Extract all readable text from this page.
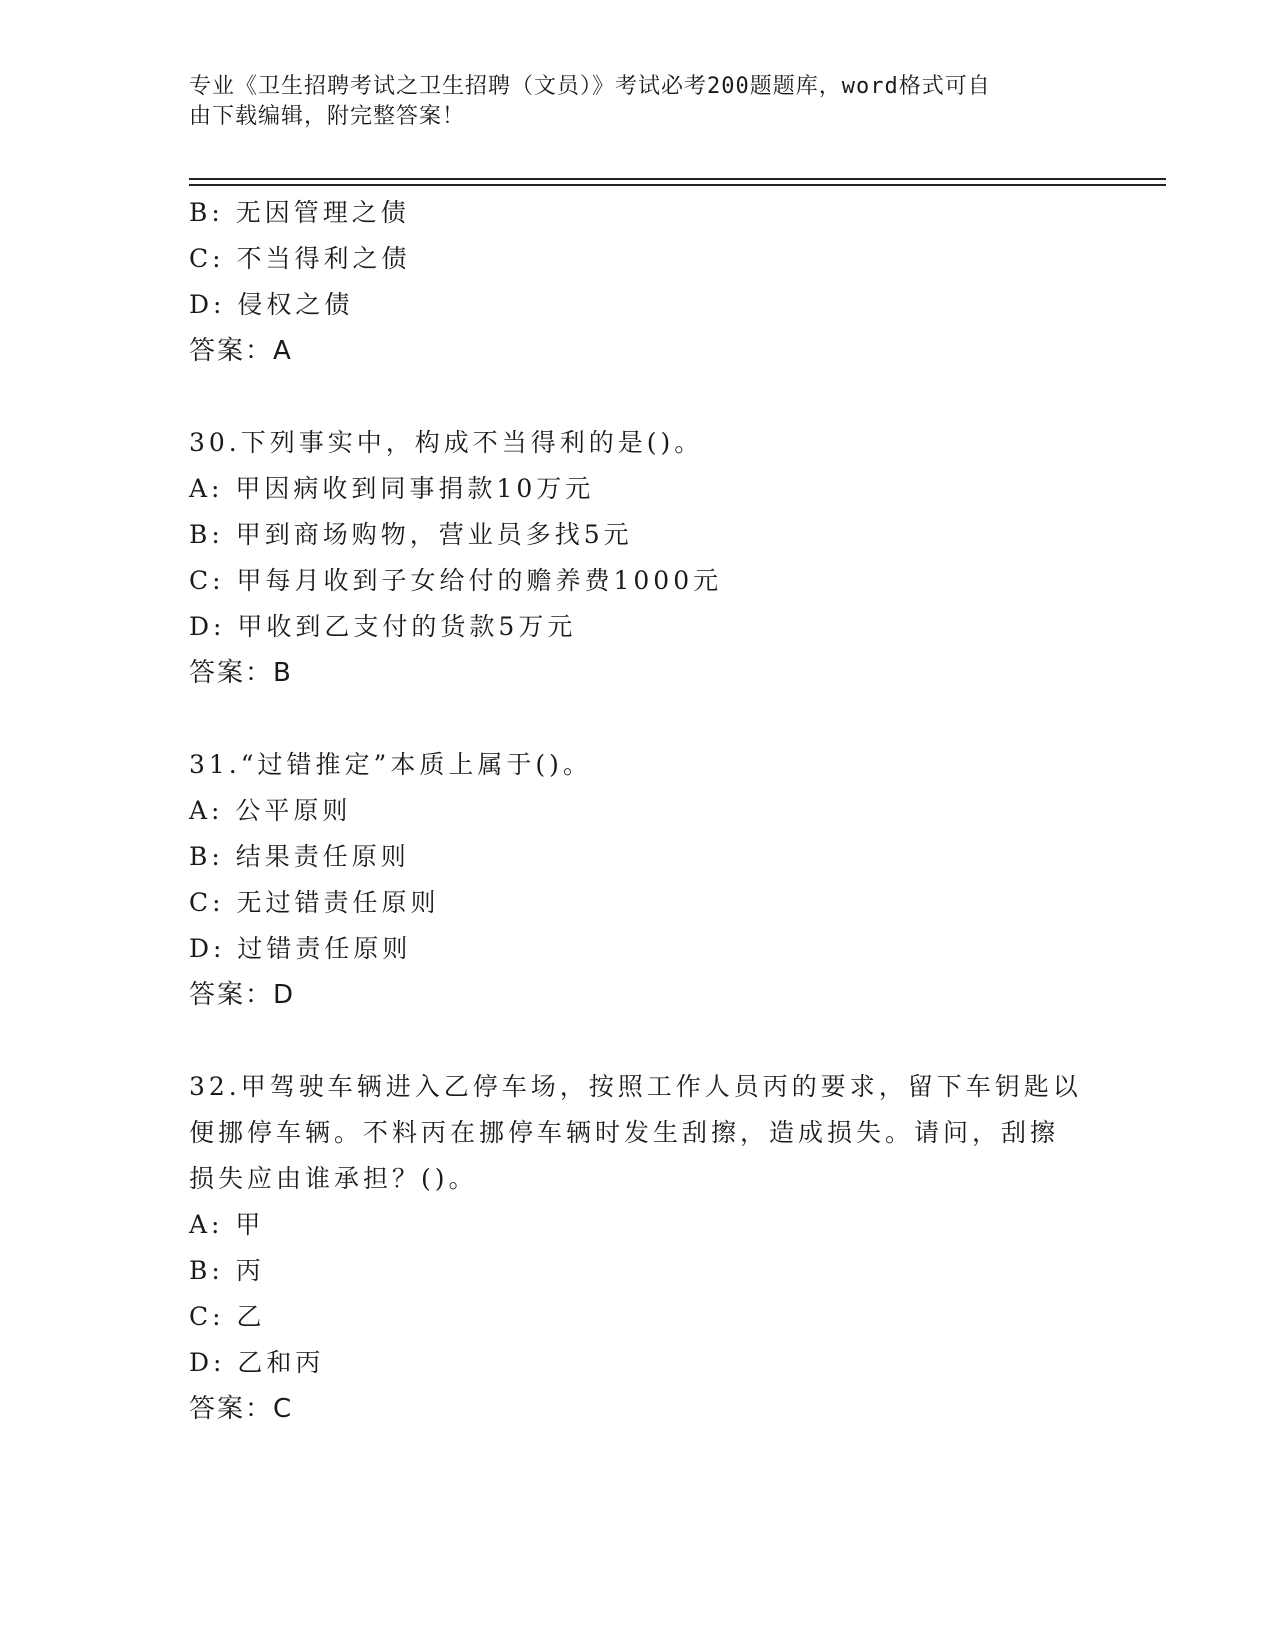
专业《卫生招聘考试之卫生招聘（文员）》考试必考200题题库，word格式可自
由下载编辑，附完整答案！
B: 无因管理之债
C: 不当得利之债
D: 侵权之债
答案：A
30.下列事实中，构成不当得利的是()。
A: 甲因病收到同事捐款10万元
B: 甲到商场购物，营业员多找5元
C: 甲每月收到子女给付的赡养费1000元
D: 甲收到乙支付的货款5万元
答案：B
31.“过错推定”本质上属于()。
A: 公平原则
B: 结果责任原则
C: 无过错责任原则
D: 过错责任原则
答案：D
32.甲驾驶车辆进入乙停车场，按照工作人员丙的要求，留下车钥匙以
便挪停车辆。不料丙在挪停车辆时发生刮擦，造成损失。请问，刮擦
损失应由谁承担？()。
A: 甲
B: 丙
C: 乙
D: 乙和丙
答案：C
